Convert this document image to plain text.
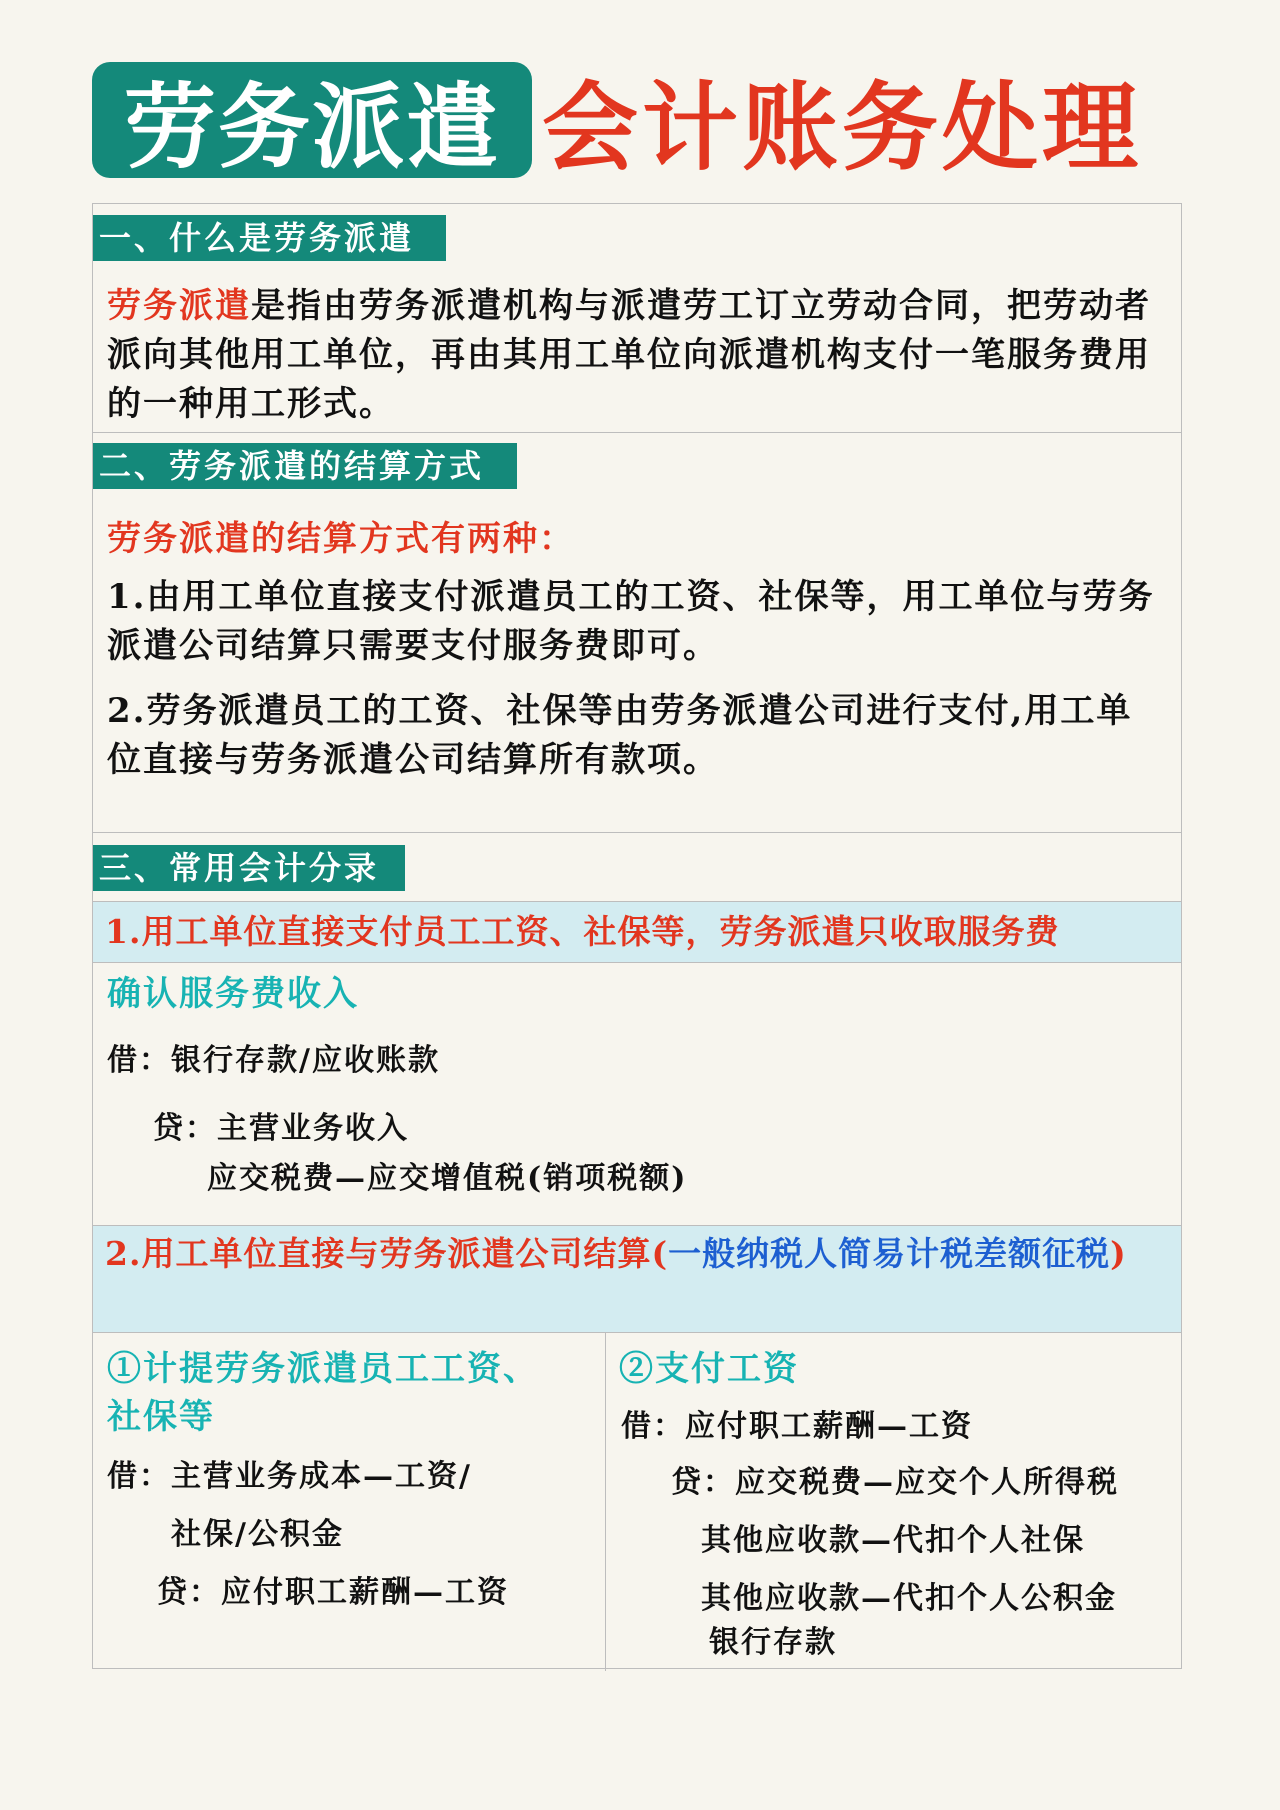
劳务派遣 会计账务处理
一、什么是劳务派遣
劳务派遣是指由劳务派遣机构与派遣劳工订立劳动合同，把劳动者派向其他用工单位，再由其用工单位向派遣机构支付一笔服务费用的一种用工形式。
二、劳务派遣的结算方式
劳务派遣的结算方式有两种：
1.由用工单位直接支付派遣员工的工资、社保等，用工单位与劳务派遣公司结算只需要支付服务费即可。
2.劳务派遣员工的工资、社保等由劳务派遣公司进行支付,用工单位直接与劳务派遣公司结算所有款项。
三、常用会计分录
1.用工单位直接支付员工工资、社保等，劳务派遣只收取服务费
确认服务费收入
借：银行存款/应收账款
贷：主营业务收入
应交税费—应交增值税(销项税额)
2.用工单位直接与劳务派遣公司结算(一般纳税人简易计税差额征税)
①计提劳务派遣员工工资、
社保等
借：主营业务成本—工资/
社保/公积金
贷：应付职工薪酬—工资
②支付工资
借：应付职工薪酬—工资
贷：应交税费—应交个人所得税
其他应收款—代扣个人社保
其他应收款—代扣个人公积金
银行存款
